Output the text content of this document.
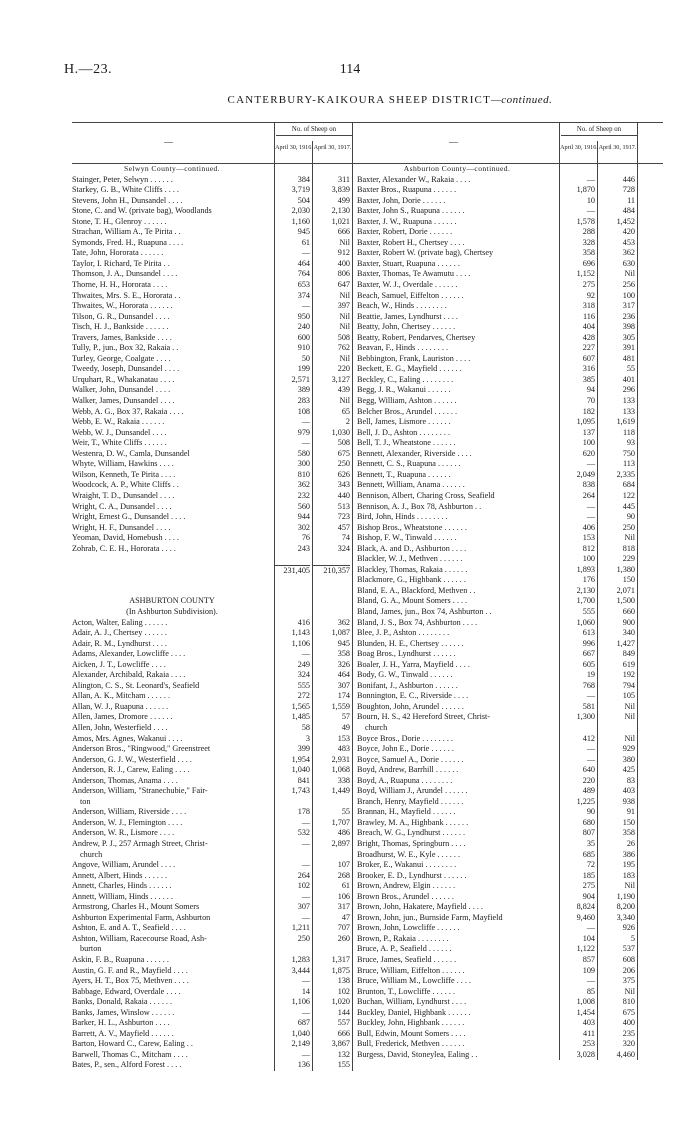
H.—23.	114
CANTERBURY-KAIKOURA SHEEP DISTRICT—continued.
—
No. of Sheep on
April 30, 1916. April 30, 1917.
Selwyn County—continued.
Stainger, Peter, Selwyn . . . . . .	384	311
Starkey, G. B., White Cliffs . . . .	3,719	3,839
Stevens, John H., Dunsandel . . . .	504	499
Stone, C. and W. (private bag), Woodlands	2,030	2,130
Stone, T. H., Glenroy . . . . . .	1,160	1,021
Strachan, William A., Te Pirita . .	945	666
Symonds, Fred. H., Ruapuna . . . .	61	Nil
Tate, John, Hororata . . . . . .	—	912
Taylor, I. Richard, Te Pirita . .	464	400
Thomson, J. A., Dunsandel . . . .	764	806
Thorne, H. H., Hororata . . . .	653	647
Thwaites, Mrs. S. E., Hororata . .	374	Nil
Thwaites, W., Hororata . . . . . .	—	397
Tilson, G. R., Dunsandel . . . .	950	Nil
Tisch, H. J., Bankside . . . . . .	240	Nil
Travers, James, Bankside . . . .	600	508
Tully, P., jun., Box 32, Rakaia . .	910	762
Turley, George, Coalgate . . . .	50	Nil
Tweedy, Joseph, Dunsandel . . . .	199	220
Urquhart, R., Whakanatau . . . .	2,571	3,127
Walker, John, Dunsandel . . . .	389	439
Walker, James, Dunsandel . . . .	283	Nil
Webb, A. G., Box 37, Rakaia . . . .	108	65
Webb, E. W., Rakaia . . . . . .	—	2
Webb, W. J., Dunsandel . . . .	979	1,030
Weir, T., White Cliffs . . . . . .	—	508
Westenra, D. W., Camla, Dunsandel	580	675
Whyte, William, Hawkins . . . .	300	250
Wilson, Kenneth, Te Pirita . . . .	810	626
Woodcock, A. P., White Cliffs . .	362	343
Wraight, T. D., Dunsandel . . . .	232	440
Wright, C. A., Dunsandel . . . .	560	513
Wright, Ernest G., Dunsandel . . . .	944	723
Wright, H. F., Dunsandel . . . .	302	457
Yeoman, David, Homebush . . . .	76	74
Zohrab, C. E. H., Hororata . . . .	243	324
231,405	210,357
ASHBURTON COUNTY
(In Ashburton Subdivision).
Acton, Walter, Ealing . . . . . .	416	362
Adair, A. J., Chertsey . . . . . .	1,143	1,087
Adair, R. M., Lyndhurst . . . .	1,106	945
Adams, Alexander, Lowcliffe . . . .	—	358
Aicken, J. T., Lowcliffe . . . .	249	326
Alexander, Archibald, Rakaia . . . .	324	464
Alington, C. S., St. Leonard's, Seafield	555	307
Allan, A. K., Mitcham . . . . . .	272	174
Allan, W. J., Ruapuna . . . . . .	1,565	1,559
Allen, James, Dromore . . . . . .	1,485	57
Allen, John, Westerfield . . . .	58	49
Amos, Mrs. Agnes, Wakanui . . . .	3	153
Anderson Bros., "Ringwood," Greenstreet	399	483
Anderson, G. J. W., Westerfield . . . .	1,954	2,931
Anderson, R. J., Carew, Ealing . . . .	1,040	1,068
Anderson, Thomas, Anama . . . .	841	338
Anderson, William, "Stranechubie," Fair-	1,743	1,449
ton
Anderson, William, Riverside . . . .	178	55
Anderson, W. J., Flemington . . . .	—	1,707
Anderson, W. R., Lismore . . . .	532	486
Andrew, P. J., 257 Armagh Street, Christ-	—	2,897
church
Angove, William, Arundel . . . .	—	107
Annett, Albert, Hinds . . . . . .	264	268
Annett, Charles, Hinds . . . . . .	102	61
Annett, William, Hinds . . . . . .	—	106
Armstrong, Charles H., Mount Somers	307	317
Ashburton Experimental Farm, Ashburton	—	47
Ashton, E. and A. T., Seafield . . . .	1,211	707
Ashton, William, Racecourse Road, Ash-	250	260
burton
Askin, F. B., Ruapuna . . . . . .	1,283	1,317
Austin, G. F. and R., Mayfield . . . .	3,444	1,875
Ayers, H. T., Box 75, Methven . . . .	—	138
Babbage, Edward, Overdale . . . .	14	102
Banks, Donald, Rakaia . . . . . .	1,106	1,020
Banks, James, Winslow . . . . . .	—	144
Barker, H. L., Ashburton . . . .	687	557
Barrett, A. V., Mayfield . . . . . .	1,040	666
Barton, Howard C., Carew, Ealing . .	2,149	3,867
Barwell, Thomas C., Mitcham . . . .	—	132
Bates, P., sen., Alford Forest . . . .	136	155
—
No. of Sheep on
April 30, 1916. April 30, 1917.
Ashburton County—continued.
Baxter, Alexander W., Rakaia . . . .	—	446
Baxter Bros., Ruapuna . . . . . .	1,870	728
Baxter, John, Dorie . . . . . .	10	11
Baxter, John S., Ruapuna . . . . . .	—	484
Baxter, J. W., Ruapuna . . . . . .	1,578	1,452
Baxter, Robert, Dorie . . . . . .	288	420
Baxter, Robert H., Chertsey . . . .	328	453
Baxter, Robert W. (private bag), Chertsey	358	362
Baxter, Stuart, Ruapuna . . . . . .	696	630
Baxter, Thomas, Te Awamutu . . . .	1,152	Nil
Baxter, W. J., Overdale . . . . . .	275	256
Beach, Samuel, Eiffelton . . . . . .	92	100
Beach, W., Hinds . . . . . . . .	318	317
Beattie, James, Lyndhurst . . . .	116	236
Beatty, John, Chertsey . . . . . .	404	398
Beatty, Robert, Pendarves, Chertsey	428	305
Beavan, F., Hinds . . . . . . . .	227	391
Bebbington, Frank, Lauriston . . . .	607	481
Beckett, E. G., Mayfield . . . . . .	316	55
Beckley, C., Ealing . . . . . . . .	385	401
Begg, J. R., Wakanui . . . . . .	94	296
Begg, William, Ashton . . . . . .	70	133
Belcher Bros., Arundel . . . . . .	182	133
Bell, James, Lismore . . . . . .	1,095	1,619
Bell, J. D., Ashton . . . . . . . .	137	118
Bell, T. J., Wheatstone . . . . . .	100	93
Bennett, Alexander, Riverside . . . .	620	750
Bennett, C. S., Ruapuna . . . . . .	—	113
Bennett, T., Ruapuna . . . . . .	2,049	2,335
Bennett, William, Anama . . . . . .	838	684
Bennison, Albert, Charing Cross, Seafield	264	122
Bennison, A. J., Box 78, Ashburton . .	—	445
Bird, John, Hinds . . . . . . . .	—	90
Bishop Bros., Wheatstone . . . . . .	406	250
Bishop, F. W., Tinwald . . . . . .	153	Nil
Black, A. and D., Ashburton . . . .	812	818
Blackler, W. J., Methven . . . . . .	100	229
Blackley, Thomas, Rakaia . . . . . .	1,893	1,380
Blackmore, G., Highbank . . . . . .	176	150
Bland, E. A., Blackford, Methven . .	2,130	2,071
Bland, G. A., Mount Somers . . . .	1,700	1,500
Bland, James, jun., Box 74, Ashburton . .	555	660
Bland, J. S., Box 74, Ashburton . . . .	1,060	900
Blee, J. P., Ashton . . . . . . . .	613	340
Blunden, H. E., Chertsey . . . . . .	996	1,427
Boag Bros., Lyndhurst . . . . . .	667	849
Boaler, J. H., Yarra, Mayfield . . . .	605	619
Body, G. W., Tinwald . . . . . .	19	192
Bonifant, J., Ashburton . . . . . .	768	794
Bonnington, E. C., Riverside . . . .	—	105
Boughton, John, Arundel . . . . . .	581	Nil
Bourn, H. S., 42 Hereford Street, Christ-	1,300	Nil
church
Boyce Bros., Dorie . . . . . . . .	412	Nil
Boyce, John E., Dorie . . . . . .	—	929
Boyce, Samuel A., Dorie . . . . . .	—	380
Boyd, Andrew, Barrhill . . . . . .	640	425
Boyd, A., Ruapuna . . . . . . . .	220	83
Boyd, William J., Arundel . . . . . .	489	403
Branch, Henry, Mayfield . . . . . .	1,225	938
Brannan, H., Mayfield . . . . . .	90	91
Brawley, M. A., Highbank . . . . . .	680	150
Breach, W. G., Lyndhurst . . . . . .	807	358
Bright, Thomas, Springburn . . . .	35	26
Broadhurst, W. E., Kyle . . . . . .	685	386
Broker, E., Wakanui . . . . . . . .	72	195
Brooker, E. D., Lyndhurst . . . . . .	185	183
Brown, Andrew, Elgin . . . . . .	275	Nil
Brown Bros., Arundel . . . . . .	904	1,190
Brown, John, Hakatere, Mayfield . . . .	8,824	8,200
Brown, John, jun., Burnside Farm, Mayfield	9,460	3,340
Brown, John, Lowcliffe . . . . . .	—	926
Brown, P., Rakaia . . . . . . . .	104	5
Bruce, A. P., Seafield . . . . . .	1,122	537
Bruce, James, Seafield . . . . . .	857	608
Bruce, William, Eiffelton . . . . . .	109	206
Bruce, William M., Lowcliffe . . . .	—	375
Brunton, T., Lowcliffe . . . . . .	85	Nil
Buchan, William, Lyndhurst . . . .	1,008	810
Buckley, Daniel, Highbank . . . . . .	1,454	675
Buckley, John, Highbank . . . . . .	403	400
Bull, Edwin, Mount Somers . . . .	411	235
Bull, Frederick, Methven . . . . . .	253	320
Burgess, David, Stoneylea, Ealing . .	3,028	4,460
